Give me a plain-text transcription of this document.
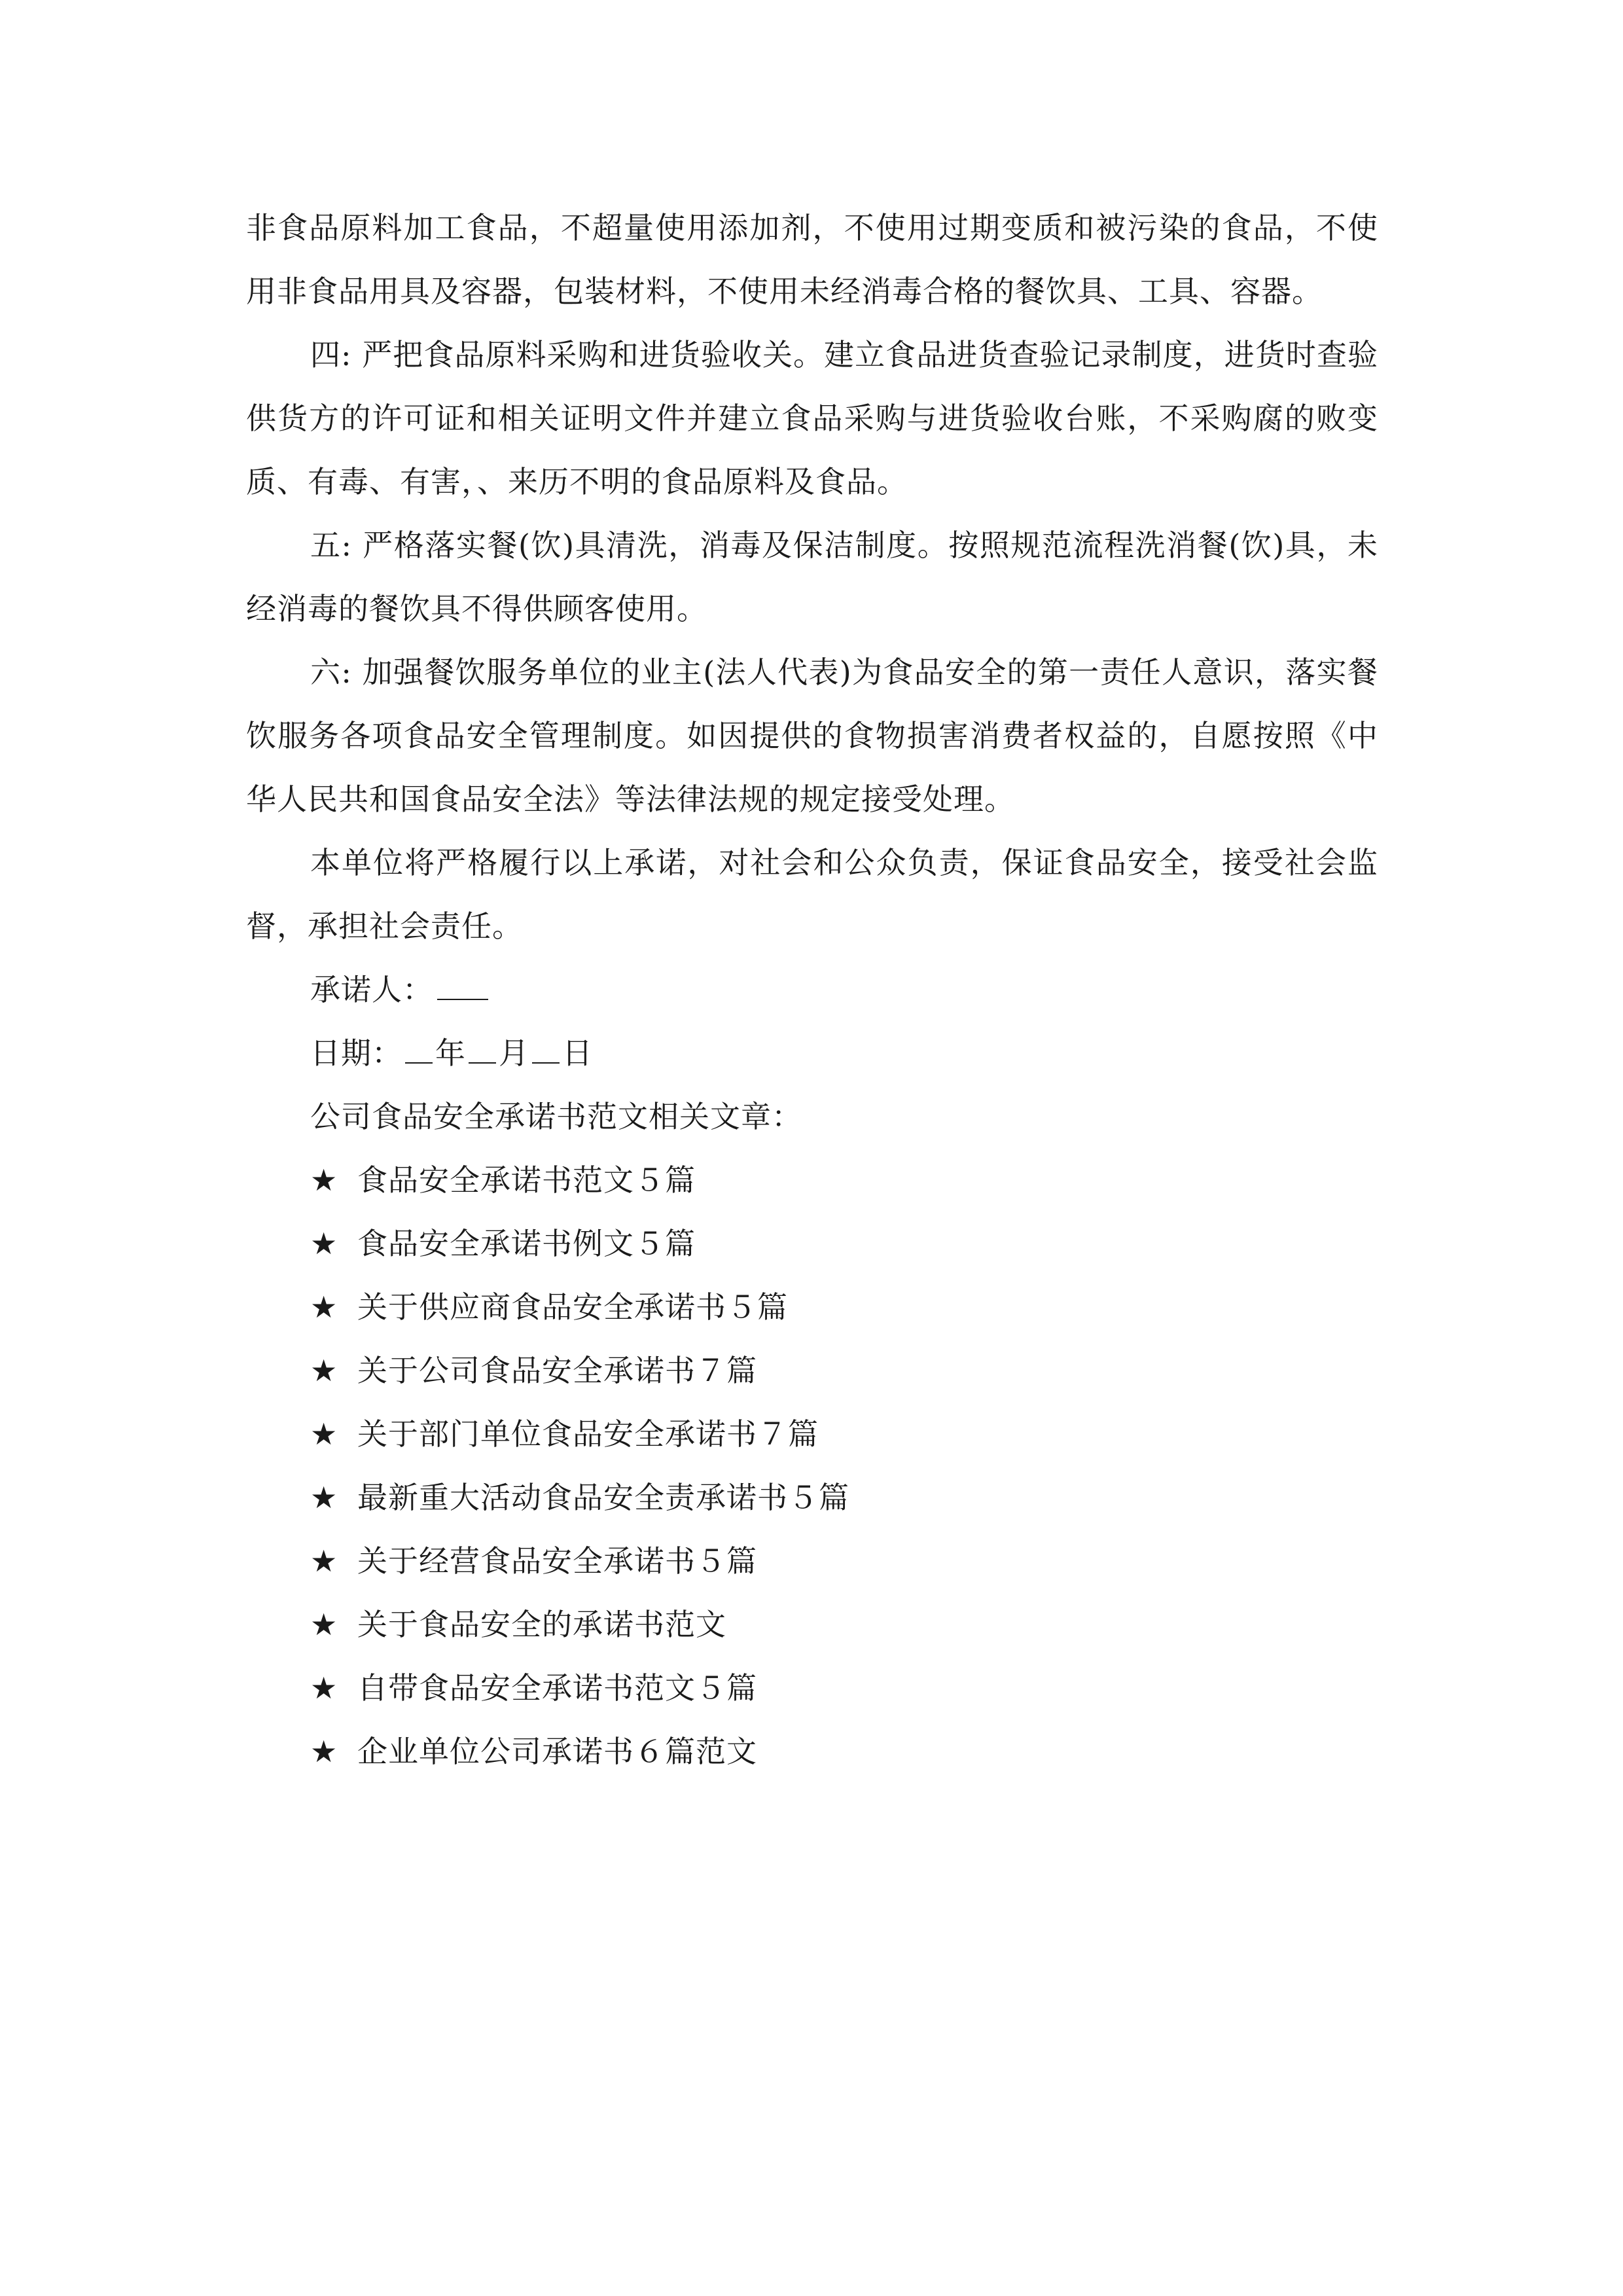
非食品原料加工食品，不超量使用添加剂，不使用过期变质和被污染的食品，不使用非食品用具及容器，包装材料，不使用未经消毒合格的餐饮具、工具、容器。

四: 严把食品原料采购和进货验收关。建立食品进货查验记录制度，进货时查验供货方的许可证和相关证明文件并建立食品采购与进货验收台账，不采购腐的败变质、有毒、有害，、来历不明的食品原料及食品。

五: 严格落实餐(饮)具清洗，消毒及保洁制度。按照规范流程洗消餐(饮)具，未经消毒的餐饮具不得供顾客使用。

六: 加强餐饮服务单位的业主(法人代表)为食品安全的第一责任人意识，落实餐饮服务各项食品安全管理制度。如因提供的食物损害消费者权益的，自愿按照《中华人民共和国食品安全法》等法律法规的规定接受处理。

本单位将严格履行以上承诺，对社会和公众负责，保证食品安全，接受社会监督，承担社会责任。

承诺人：
日期： 年 月 日
公司食品安全承诺书范文相关文章：
★ 食品安全承诺书范文５篇
★ 食品安全承诺书例文５篇
★ 关于供应商食品安全承诺书５篇
★ 关于公司食品安全承诺书７篇
★ 关于部门单位食品安全承诺书７篇
★ 最新重大活动食品安全责承诺书５篇
★ 关于经营食品安全承诺书５篇
★ 关于食品安全的承诺书范文
★ 自带食品安全承诺书范文５篇
★ 企业单位公司承诺书６篇范文
